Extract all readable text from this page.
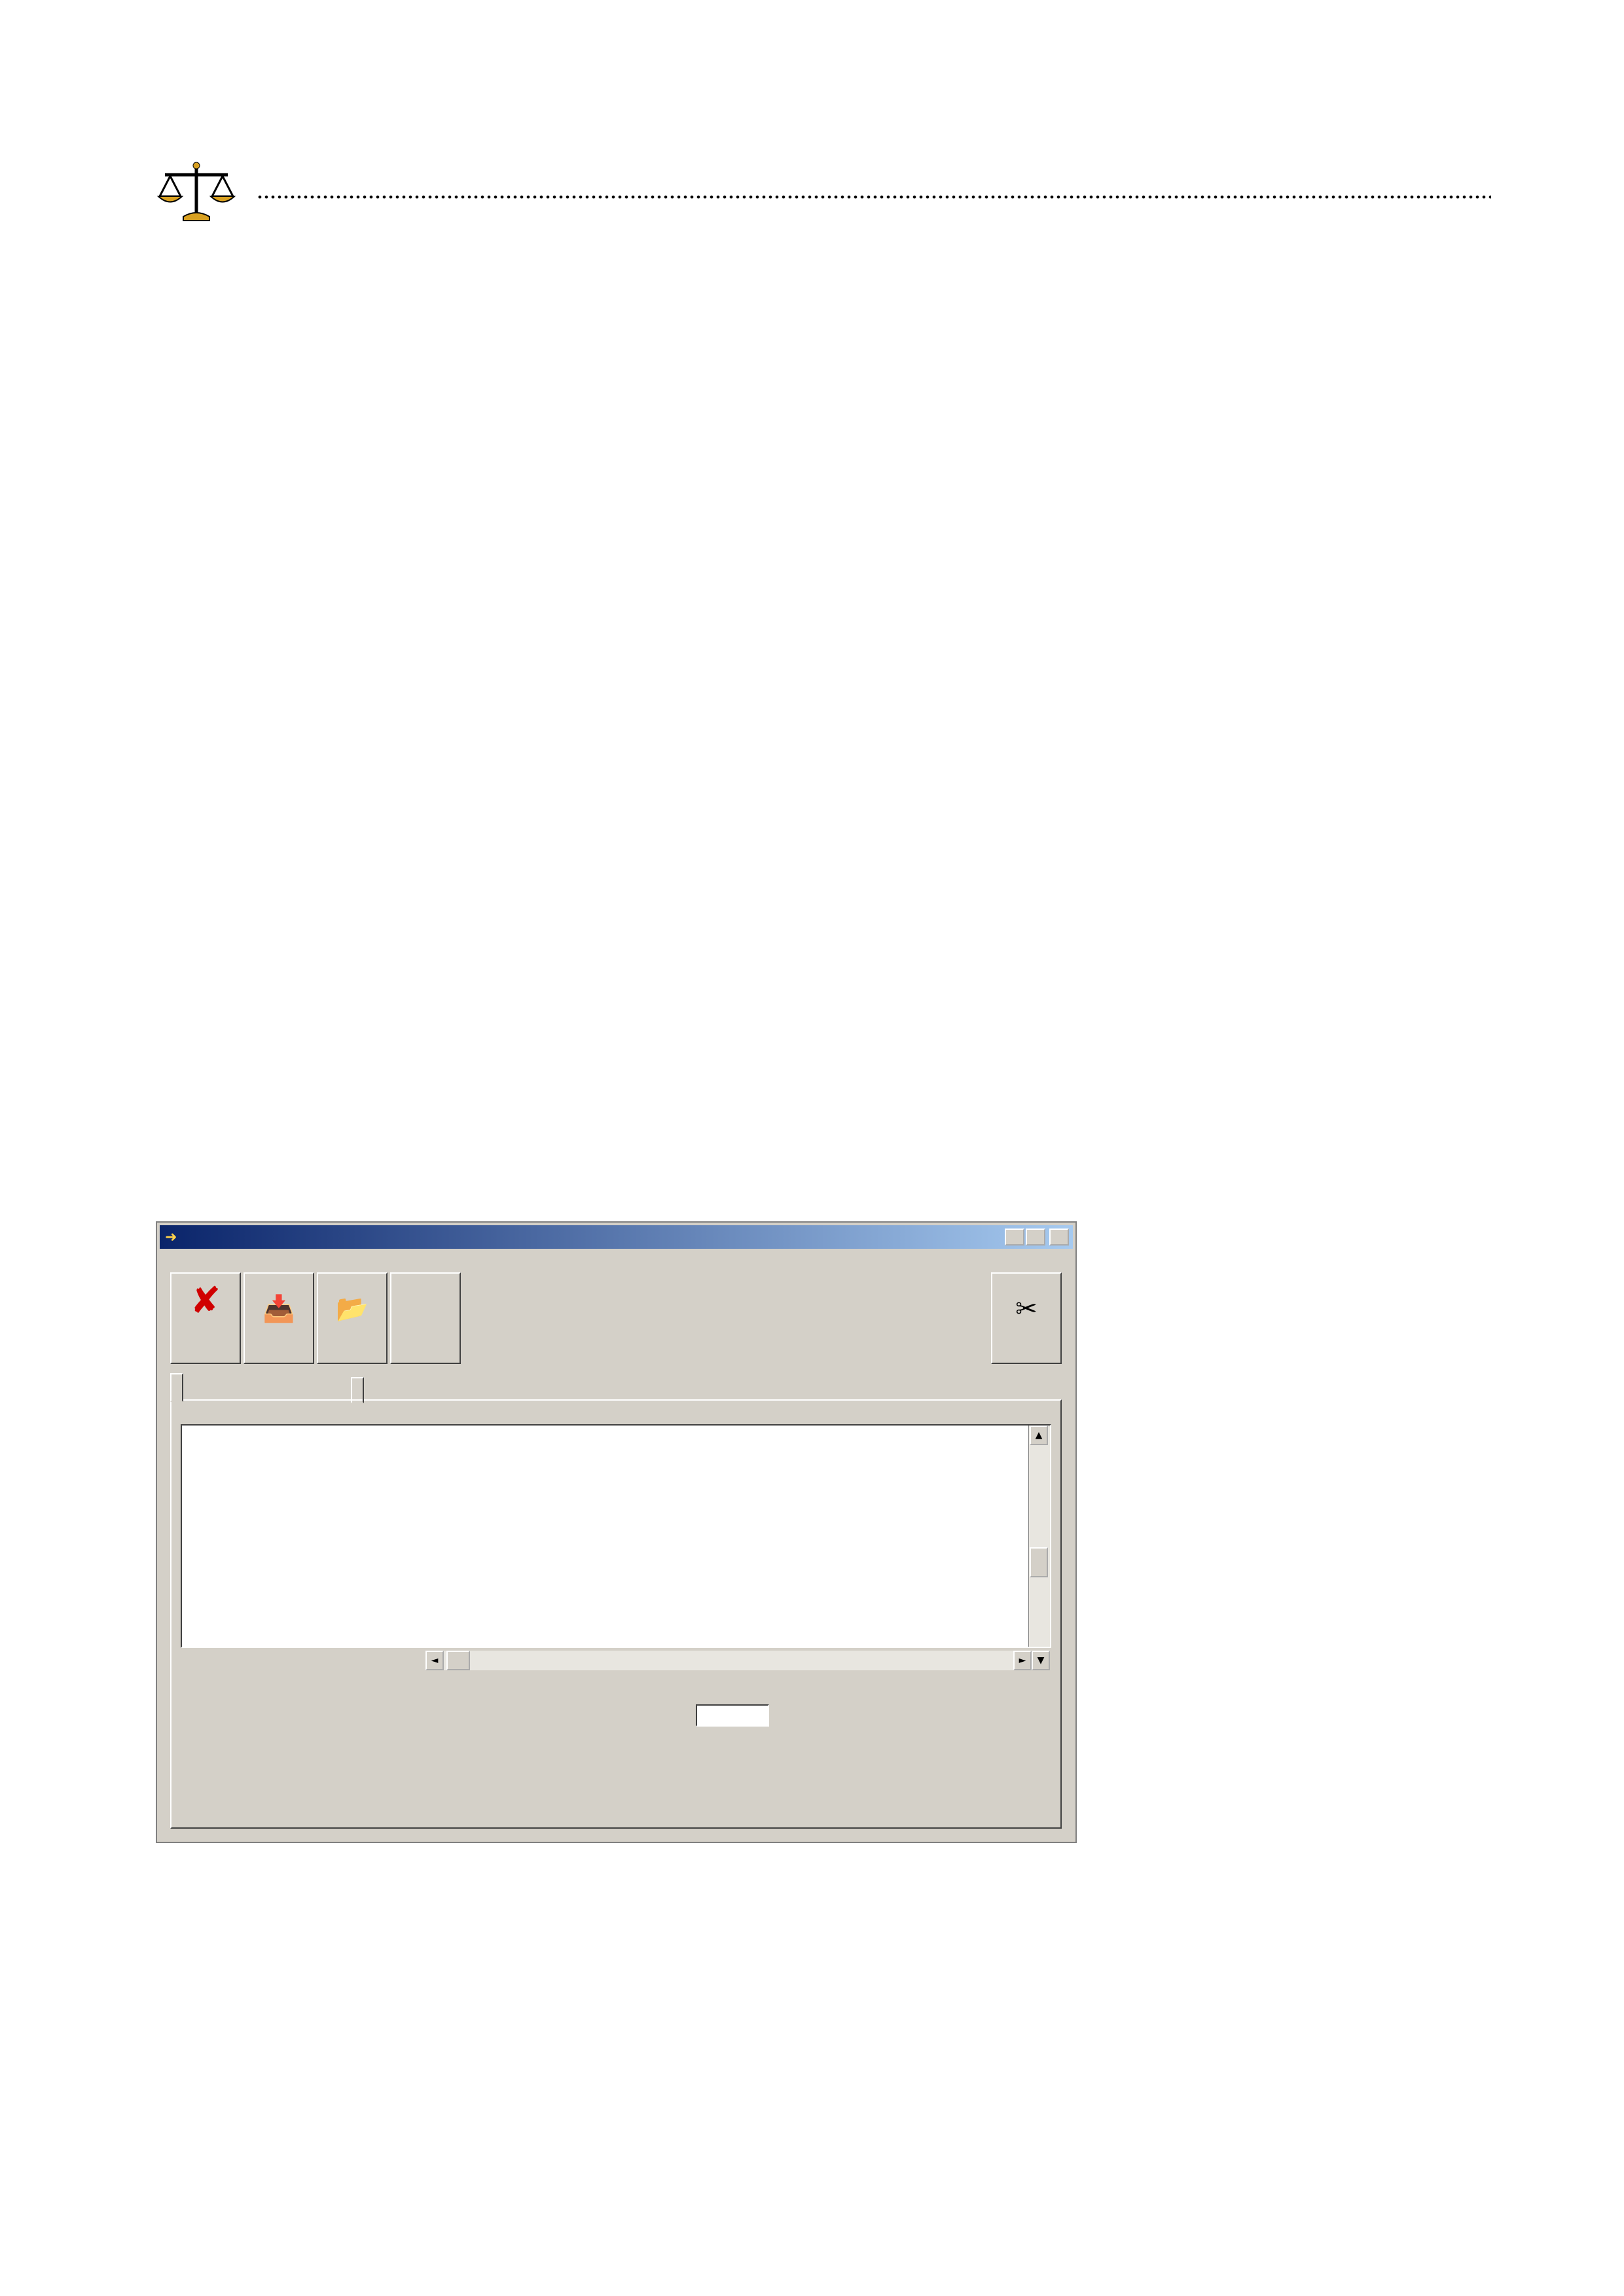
➜
✘	📥	📂	✂
▲
◄	►	▼
